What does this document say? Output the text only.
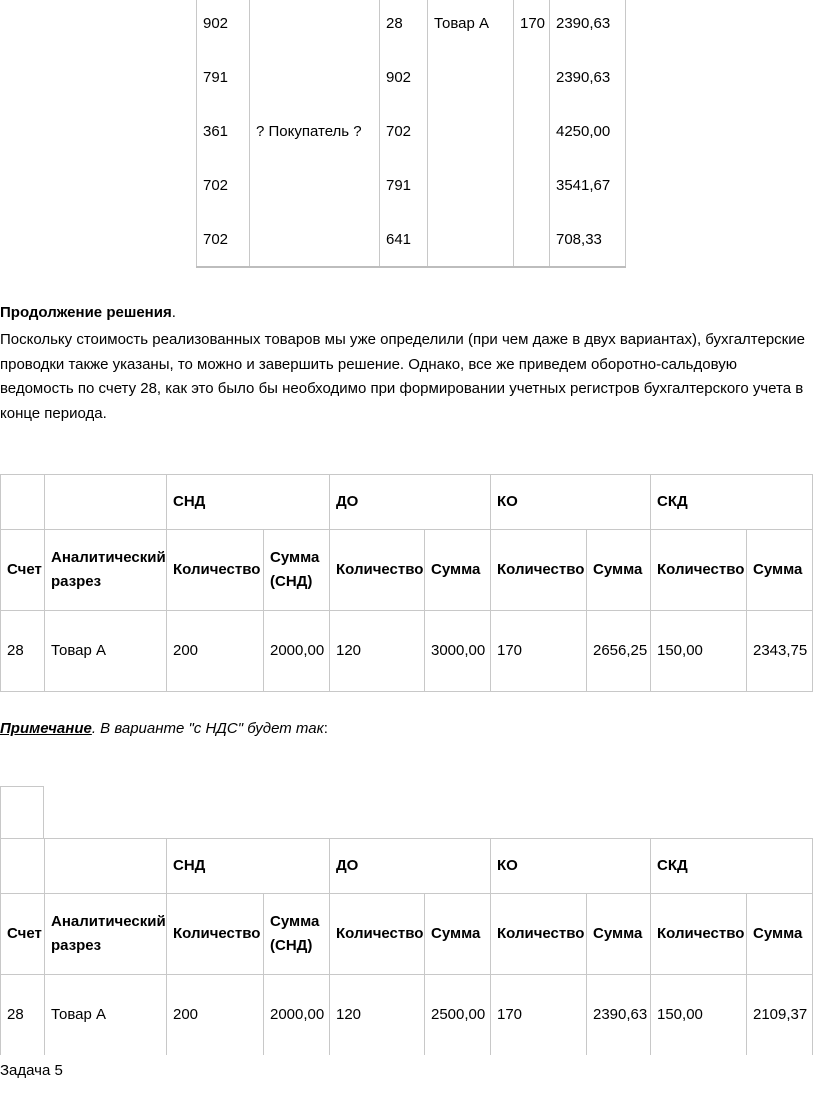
902		28	Товар А	170	2390,63
791		902			2390,63
361	? Покупатель ?	702			4250,00
702		791			3541,67
702		641			708,33
Продолжение решения.
Поскольку стоимость реализованных товаров мы уже определили (при чем даже в двух вариантах), бухгалтерские проводки также указаны, то можно и завершить решение. Однако, все же приведем оборотно-сальдовую ведомость по счету 28, как это было бы необходимо при формировании учетных регистров бухгалтерского учета в конце периода.
		СНД		ДО		КО		СКД	
Счет	Аналитический разрез	Количество	Сумма (СНД)	Количество	Сумма	Количество	Сумма	Количество	Сумма
28	Товар А	200	2000,00	120	3000,00	170	2656,25	150,00	2343,75
Примечание. В варианте "с НДС" будет так:
		СНД		ДО		КО		СКД	
Счет	Аналитический разрез	Количество	Сумма (СНД)	Количество	Сумма	Количество	Сумма	Количество	Сумма
28	Товар А	200	2000,00	120	2500,00	170	2390,63	150,00	2109,37
Задача 5
